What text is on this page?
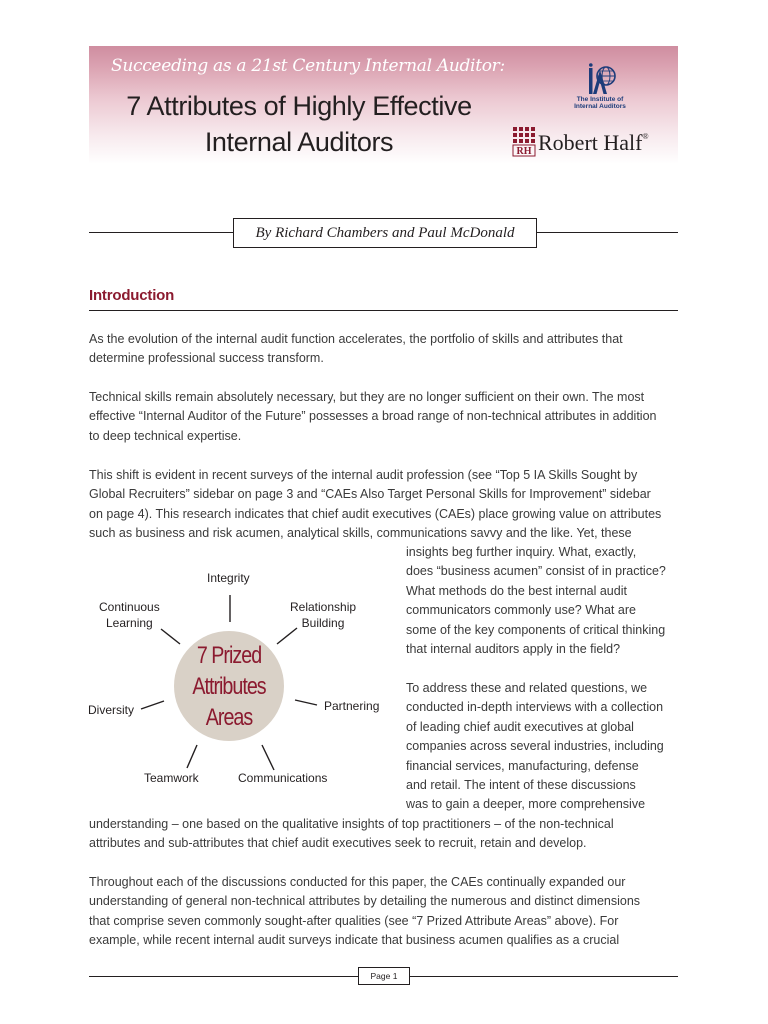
Succeeding as a 21st Century Internal Auditor:
7 Attributes of Highly Effective
Internal Auditors
The Institute of
Internal Auditors
RH Robert Half®
By Richard Chambers and Paul McDonald
Introduction
As the evolution of the internal audit function accelerates, the portfolio of skills and attributes that
determine professional success transform.
Technical skills remain absolutely necessary, but they are no longer sufficient on their own. The most
effective “Internal Auditor of the Future” possesses a broad range of non-technical attributes in addition
to deep technical expertise.
This shift is evident in recent surveys of the internal audit profession (see “Top 5 IA Skills Sought by
Global Recruiters” sidebar on page 3 and “CAEs Also Target Personal Skills for Improvement” sidebar
on page 4). This research indicates that chief audit executives (CAEs) place growing value on attributes
such as business and risk acumen, analytical skills, communications savvy and the like. Yet, these
insights beg further inquiry. What, exactly,
does “business acumen” consist of in practice?
What methods do the best internal audit
communicators commonly use? What are
some of the key components of critical thinking
that internal auditors apply in the field?
To address these and related questions, we
conducted in-depth interviews with a collection
of leading chief audit executives at global
companies across several industries, including
financial services, manufacturing, defense
and retail. The intent of these discussions
was to gain a deeper, more comprehensive
understanding – one based on the qualitative insights of top practitioners – of the non-technical
attributes and sub-attributes that chief audit executives seek to recruit, retain and develop.
Throughout each of the discussions conducted for this paper, the CAEs continually expanded our
understanding of general non-technical attributes by detailing the numerous and distinct dimensions
that comprise seven commonly sought-after qualities (see “7 Prized Attribute Areas” above). For
example, while recent internal audit surveys indicate that business acumen qualifies as a crucial
7 Prized
Attributes
Areas
Integrity
Relationship
Building
Partnering
Communications
Teamwork
Diversity
Continuous
Learning
Page 1
